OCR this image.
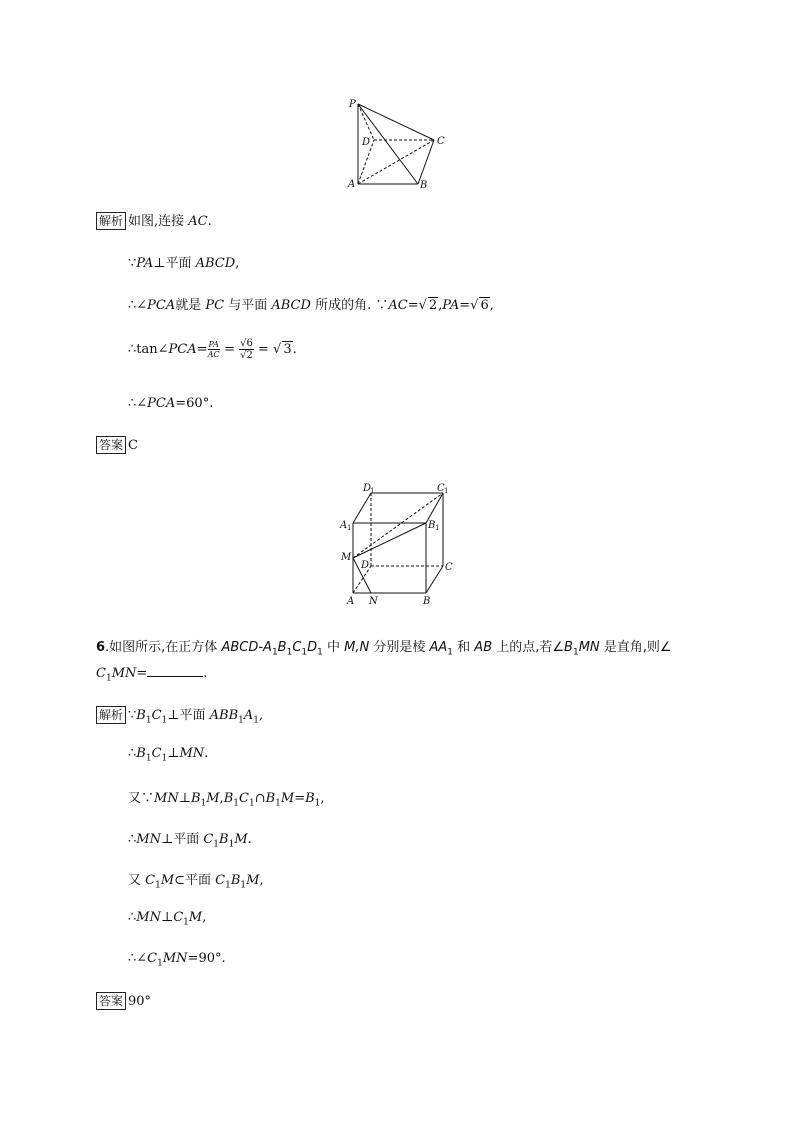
P
D	C
A	B
解析 如图,连接 AC.
∵PA⊥平面 ABCD,
∴∠PCA就是 PC 与平面 ABCD 所成的角. ∵AC=√ 2,PA=√ 6,
∴tan∠PCA= $\frac{PA}{AC} = \frac{√6}{√2}$ = √ 3.
∴∠PCA=60°.
答案 C
D	C
A	B
M
D	C
A N	B
6.如图所示,在正方体 ABCD-$A_1B_1C_1D_1$ 中 M,N 分别是棱 $AA_1$ 和 AB 上的点,若$\angle B_1MN$ 是直角,则∠
$C_1MN=$	.
解析 $\because B_1C_1\perp$平面 $ABB_1A_1$,
$\therefore B_1C_1\perp MN$.
又$\because MN\perp B_1M,B_1C_1\cap B_1M=B_1$,
∴MN⊥平面 $C_1B_1M$.
又 $C_1M\subset$平面 $C_1B_1M$,
$\therefore MN\perp C_1M$,
$\therefore\angle C_1MN=90^\circ$.
答案 90°
1	1
1	1
